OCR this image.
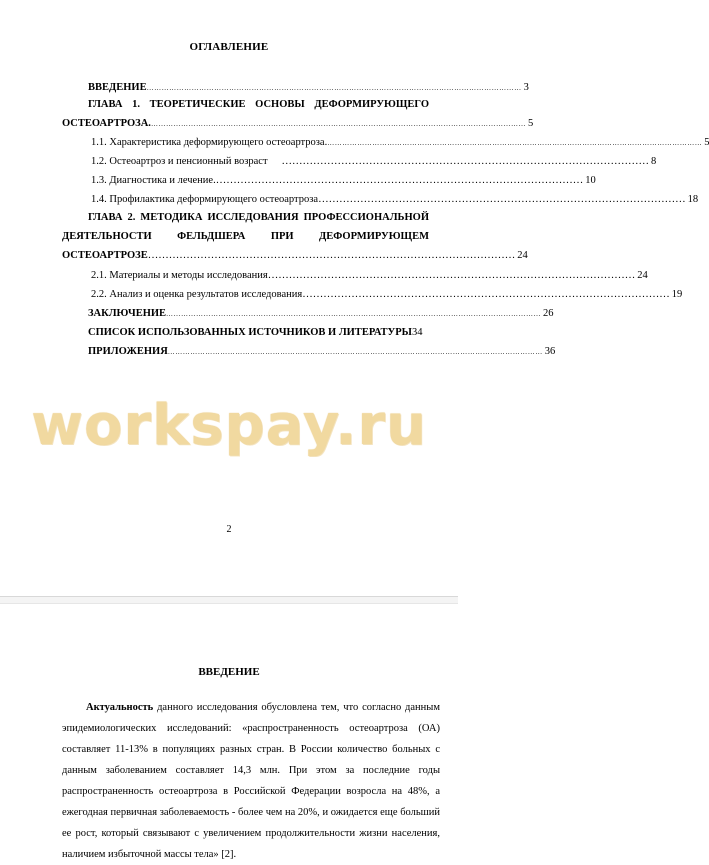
ОГЛАВЛЕНИЕ
ВВЕДЕНИЕ …………………………………………………………………………………………………………………………………… 3
ГЛАВА 1. ТЕОРЕТИЧЕСКИЕ ОСНОВЫ ДЕФОРМИРУЮЩЕГО
ОСТЕОАРТРОЗА. …………………………………………………………………………………………………………………………………… 5
1.1. Характеристика деформирующего остеоартроза. …………………………………………………………………………………………………………………………………… 5
1.2. Остеоартроз и пенсионный возраст	…………………………………………………………………………………………… 8
1.3. Диагностика и лечение. …………………………………………………………………………………………… 10
1.4. Профилактика деформирующего остеоартроза …………………………………………………………………………………………… 18
ГЛАВА 2. МЕТОДИКА ИССЛЕДОВАНИЯ ПРОФЕССИОНАЛЬНОЙ
ДЕЯТЕЛЬНОСТИ ФЕЛЬДШЕРА ПРИ ДЕФОРМИРУЮЩЕМ
ОСТЕОАРТРОЗЕ …………………………………………………………………………………………… 24
2.1. Материалы и методы исследования …………………………………………………………………………………………… 24
2.2. Анализ и оценка результатов исследования …………………………………………………………………………………………… 19
ЗАКЛЮЧЕНИЕ …………………………………………………………………………………………………………………………………… 26
СПИСОК ИСПОЛЬЗОВАННЫХ ИСТОЧНИКОВ И ЛИТЕРАТУРЫ 34
ПРИЛОЖЕНИЯ …………………………………………………………………………………………………………………………………… 36
workspay.ru
2
ВВЕДЕНИЕ

Актуальность данного исследования обусловлена тем, что согласно данным эпидемиологических исследований: «распространенность остеоартроза (ОА) составляет 11-13% в популяциях разных стран. В России количество больных с данным заболеванием составляет 14,3 млн. При этом за последние годы распространенность остеоартроза в Российской Федерации возросла на 48%, а ежегодная первичная заболеваемость - более чем на 20%, и ожидается еще больший ее рост, который связывают с увеличением продолжительности жизни населения, наличием избыточной массы тела» [2].
